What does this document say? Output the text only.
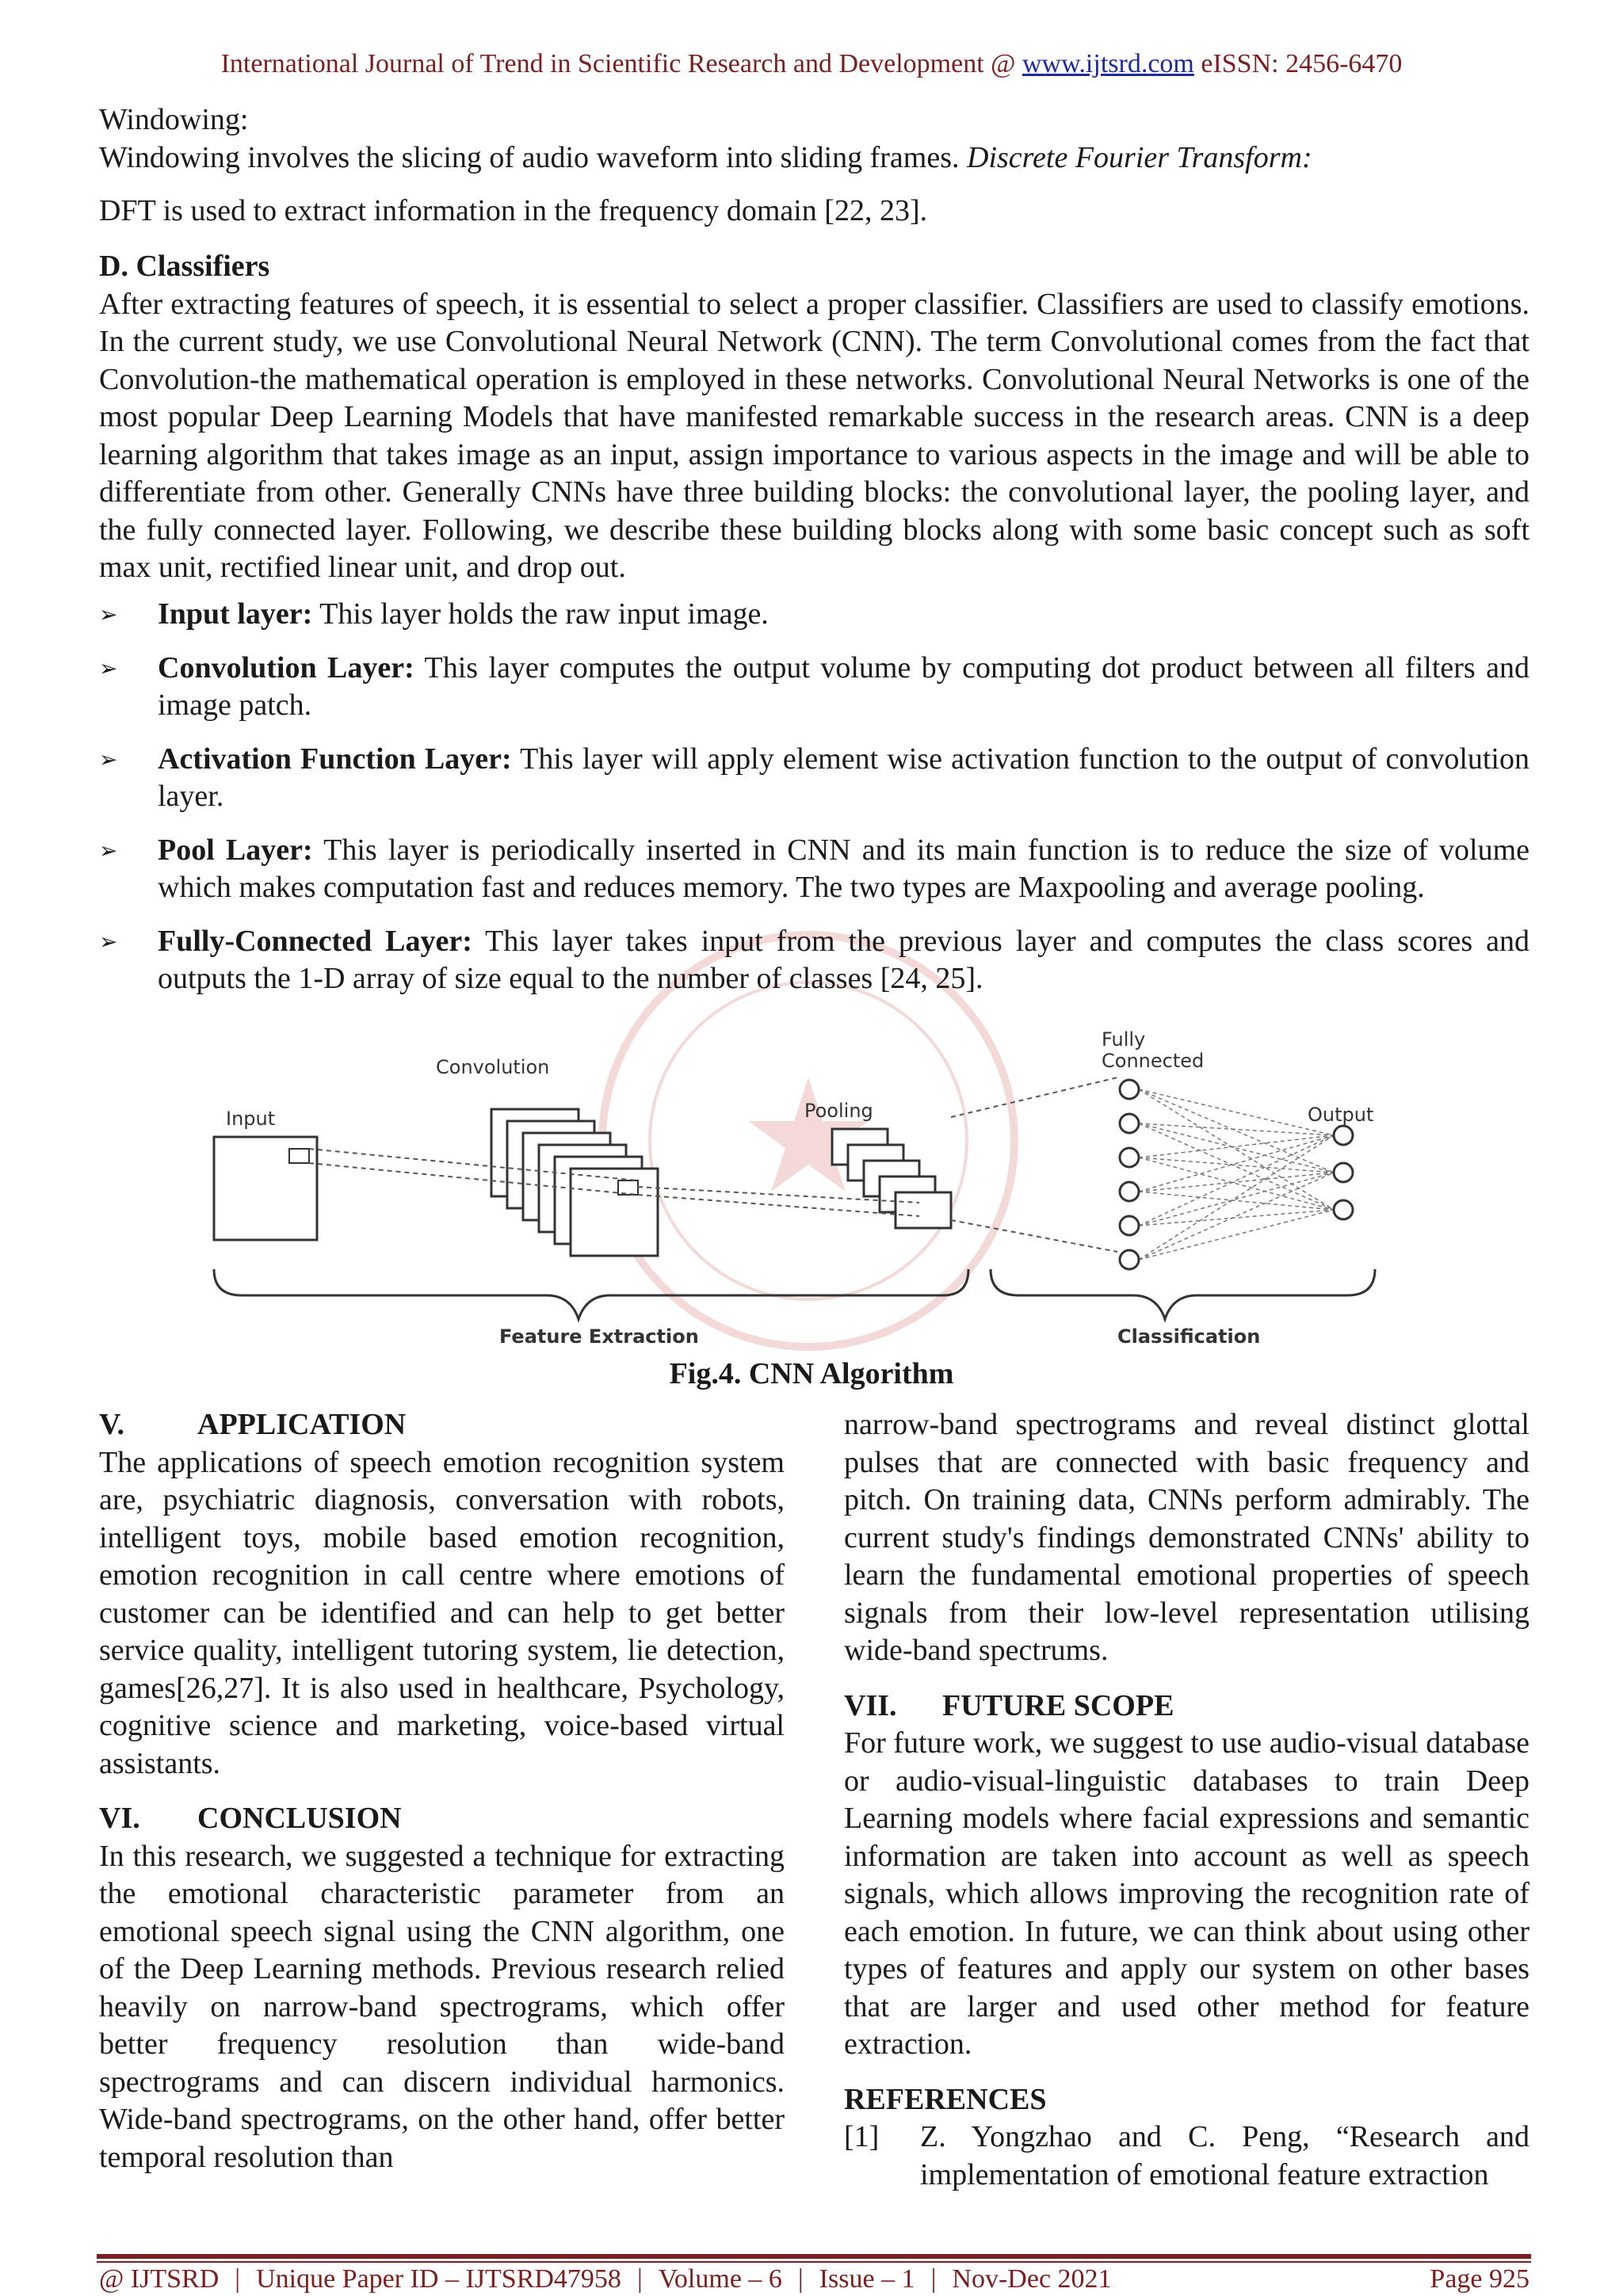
International Journal of Trend in Scientific Research and Development @ www.ijtsrd.com eISSN: 2456-6470
Windowing:
Windowing involves the slicing of audio waveform into sliding frames. Discrete Fourier Transform:
DFT is used to extract information in the frequency domain [22, 23].
D. Classifiers
After extracting features of speech, it is essential to select a proper classifier. Classifiers are used to classify emotions. In the current study, we use Convolutional Neural Network (CNN). The term Convolutional comes from the fact that Convolution-the mathematical operation is employed in these networks. Convolutional Neural Networks is one of the most popular Deep Learning Models that have manifested remarkable success in the research areas. CNN is a deep learning algorithm that takes image as an input, assign importance to various aspects in the image and will be able to differentiate from other. Generally CNNs have three building blocks: the convolutional layer, the pooling layer, and the fully connected layer. Following, we describe these building blocks along with some basic concept such as soft max unit, rectified linear unit, and drop out.
➢ Input layer: This layer holds the raw input image.
➢ Convolution Layer: This layer computes the output volume by computing dot product between all filters and image patch.
➢ Activation Function Layer: This layer will apply element wise activation function to the output of convolution layer.
➢ Pool Layer: This layer is periodically inserted in CNN and its main function is to reduce the size of volume which makes computation fast and reduces memory. The two types are Maxpooling and average pooling.
➢ Fully-Connected Layer: This layer takes input from the previous layer and computes the class scores and outputs the 1-D array of size equal to the number of classes [24, 25].
Input
Convolution
Pooling
Fully
Connected
Output
Feature Extraction	Classification
Fig.4. CNN Algorithm
V.	APPLICATION
The applications of speech emotion recognition system are, psychiatric diagnosis, conversation with robots, intelligent toys, mobile based emotion recognition, emotion recognition in call centre where emotions of customer can be identified and can help to get better service quality, intelligent tutoring system, lie detection, games[26,27]. It is also used in healthcare, Psychology, cognitive science and marketing, voice-based virtual assistants.
VI.	CONCLUSION
In this research, we suggested a technique for extracting the emotional characteristic parameter from an emotional speech signal using the CNN algorithm, one of the Deep Learning methods. Previous research relied heavily on narrow-band spectrograms, which offer better frequency resolution than wide-band spectrograms and can discern individual harmonics. Wide-band spectrograms, on the other hand, offer better temporal resolution than
narrow-band spectrograms and reveal distinct glottal pulses that are connected with basic frequency and pitch. On training data, CNNs perform admirably. The current study's findings demonstrated CNNs' ability to learn the fundamental emotional properties of speech signals from their low-level representation utilising wide-band spectrums.
VII.	FUTURE SCOPE
For future work, we suggest to use audio-visual database or audio-visual-linguistic databases to train Deep Learning models where facial expressions and semantic information are taken into account as well as speech signals, which allows improving the recognition rate of each emotion. In future, we can think about using other types of features and apply our system on other bases that are larger and used other method for feature extraction.
REFERENCES
[1] Z. Yongzhao and C. Peng, “Research and implementation of emotional feature extraction
@ IJTSRD | Unique Paper ID – IJTSRD47958 | Volume – 6 | Issue – 1 | Nov-Dec 2021	Page 925
